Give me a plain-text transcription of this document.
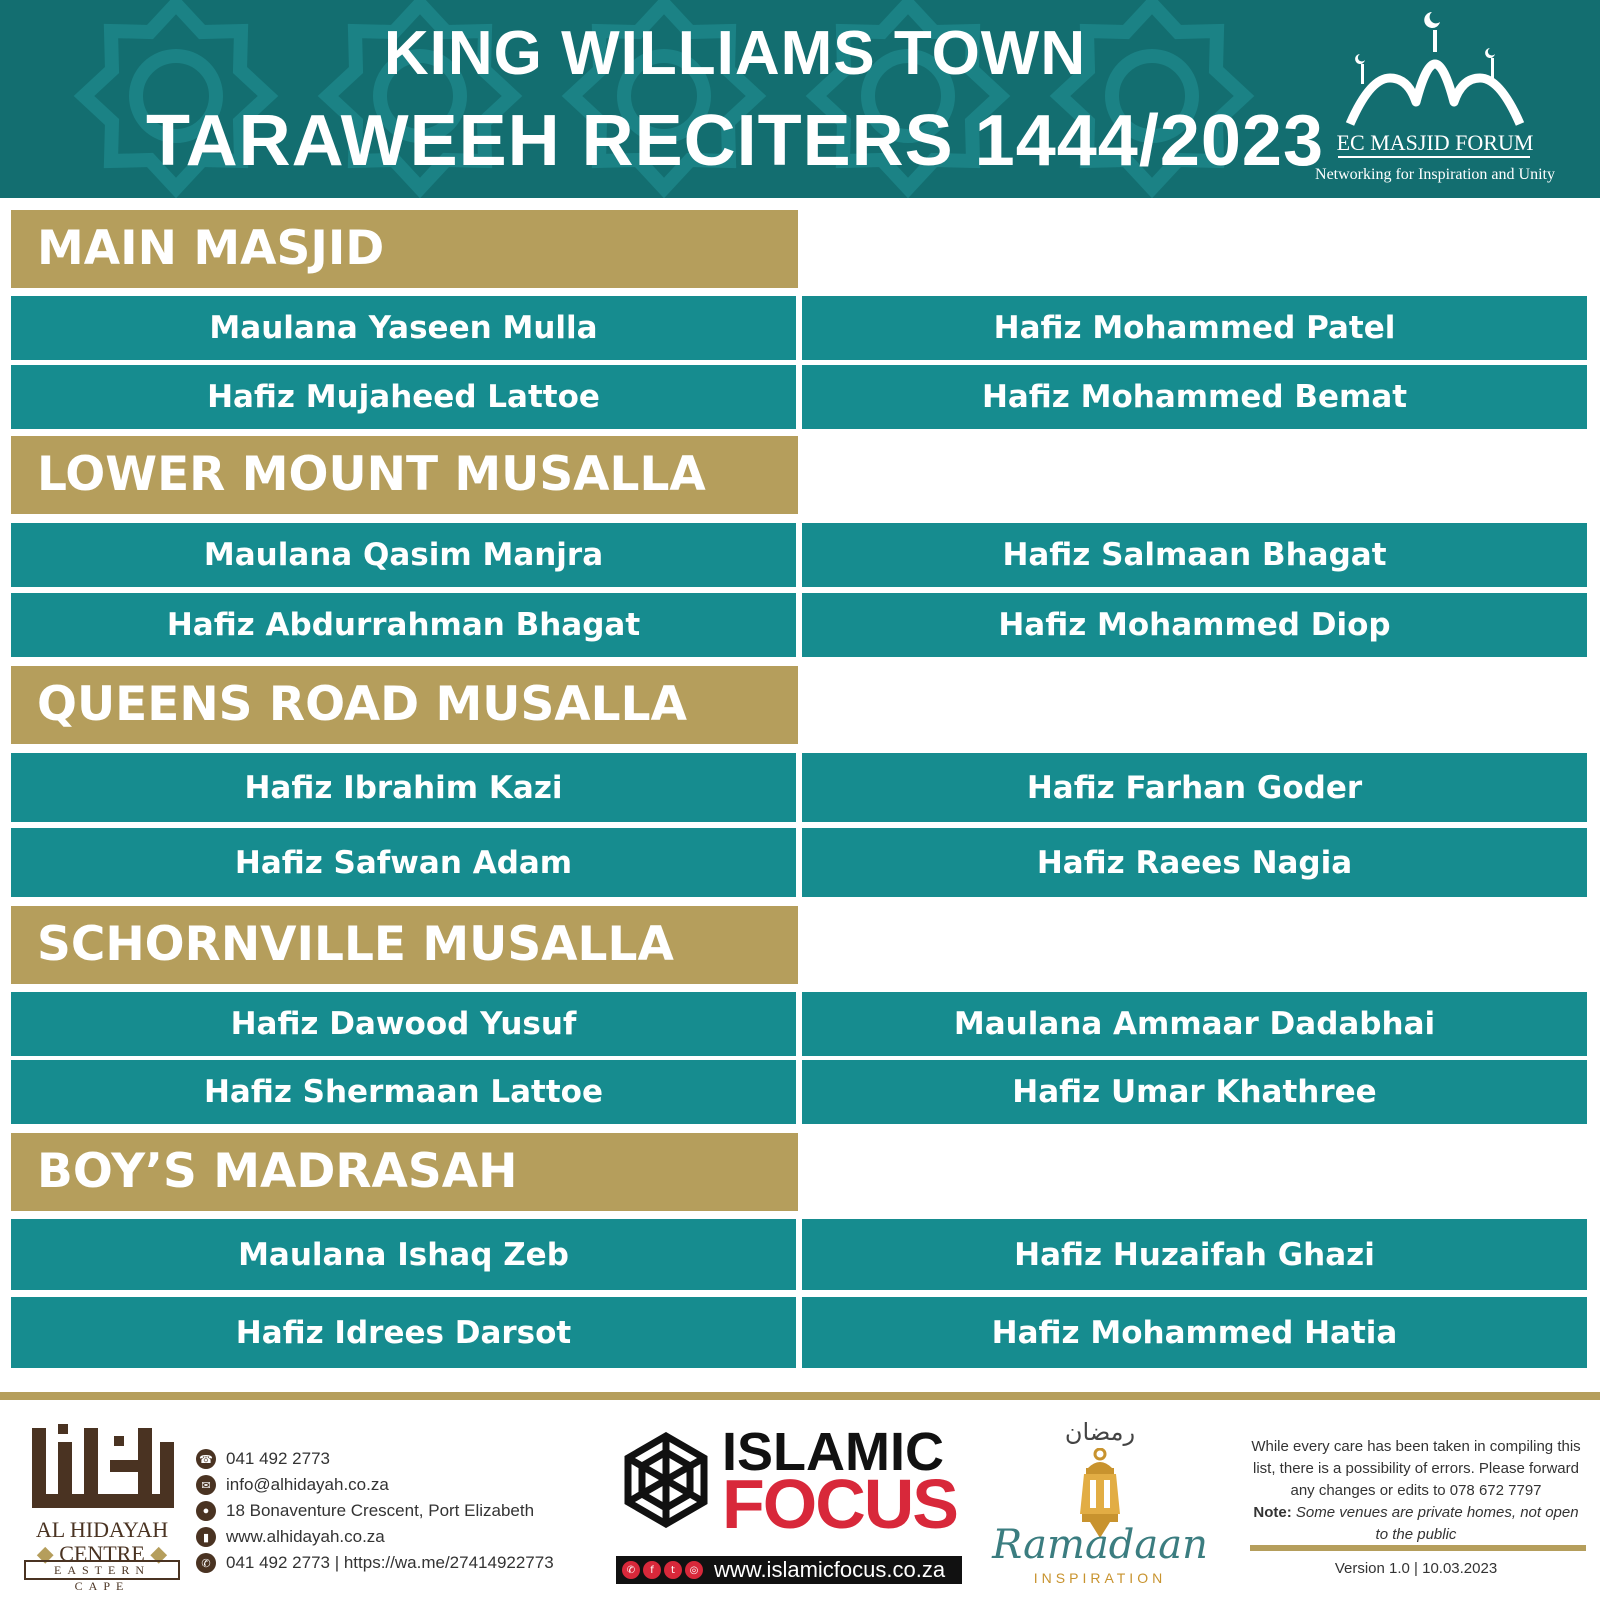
KING WILLIAMS TOWN
TARAWEEH RECITERS 1444/2023 EC MASJID FORUM
Networking for Inspiration and Unity
MAIN MASJID
Maulana Yaseen Mulla	Hafiz Mohammed Patel
Hafiz Mujaheed Lattoe	Hafiz Mohammed Bemat
LOWER MOUNT MUSALLA
Maulana Qasim Manjra	Hafiz Salmaan Bhagat
Hafiz Abdurrahman Bhagat	Hafiz Mohammed Diop
QUEENS ROAD MUSALLA
Hafiz Ibrahim Kazi	Hafiz Farhan Goder
Hafiz Safwan Adam	Hafiz Raees Nagia
SCHORNVILLE MUSALLA
Hafiz Dawood Yusuf	Maulana Ammaar Dadabhai
Hafiz Shermaan Lattoe	Hafiz Umar Khathree
BOY’S MADRASAH
Maulana Ishaq Zeb	Hafiz Huzaifah Ghazi
Hafiz Idrees Darsot	Hafiz Mohammed Hatia
AL HIDAYAH
◆ CENTRE ◆
EASTERN CAPE
☎ 041 492 2773
✉ info@alhidayah.co.za
● 18 Bonaventure Crescent, Port Elizabeth
▮ www.alhidayah.co.za
✆ 041 492 2773 | https://wa.me/27414922773
ISLAMIC
FOCUS
✆	f	t	◎ www.islamicfocus.co.za
رمضان
Ramadaan
INSPIRATION
While every care has been taken in compiling this list, there is a possibility of errors. Please forward any changes or edits to 078 672 7797
Note: Some venues are private homes, not open to the public
Version 1.0 | 10.03.2023
